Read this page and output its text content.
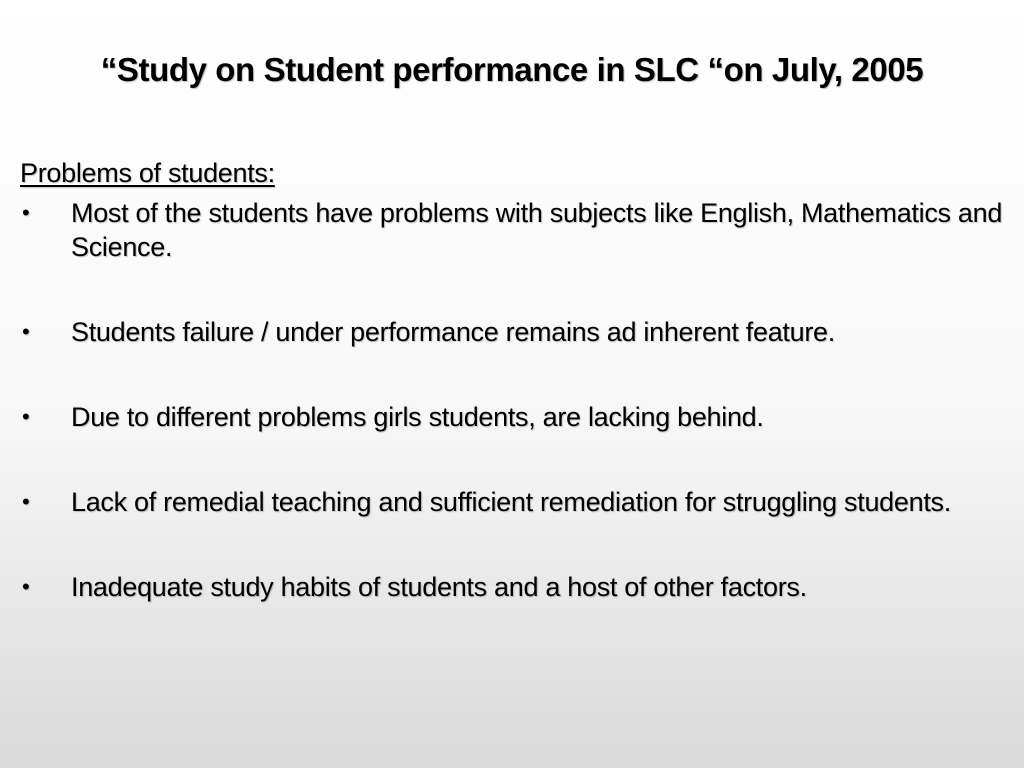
“Study on Student performance in SLC “on July, 2005
Problems of students:
• Most of the students have problems with subjects like English, Mathematics and Science.
• Students failure / under performance remains ad inherent feature.
• Due to different problems girls students, are lacking behind.
• Lack of remedial teaching and sufficient remediation for struggling students.
• Inadequate study habits of students and a host of other factors.
